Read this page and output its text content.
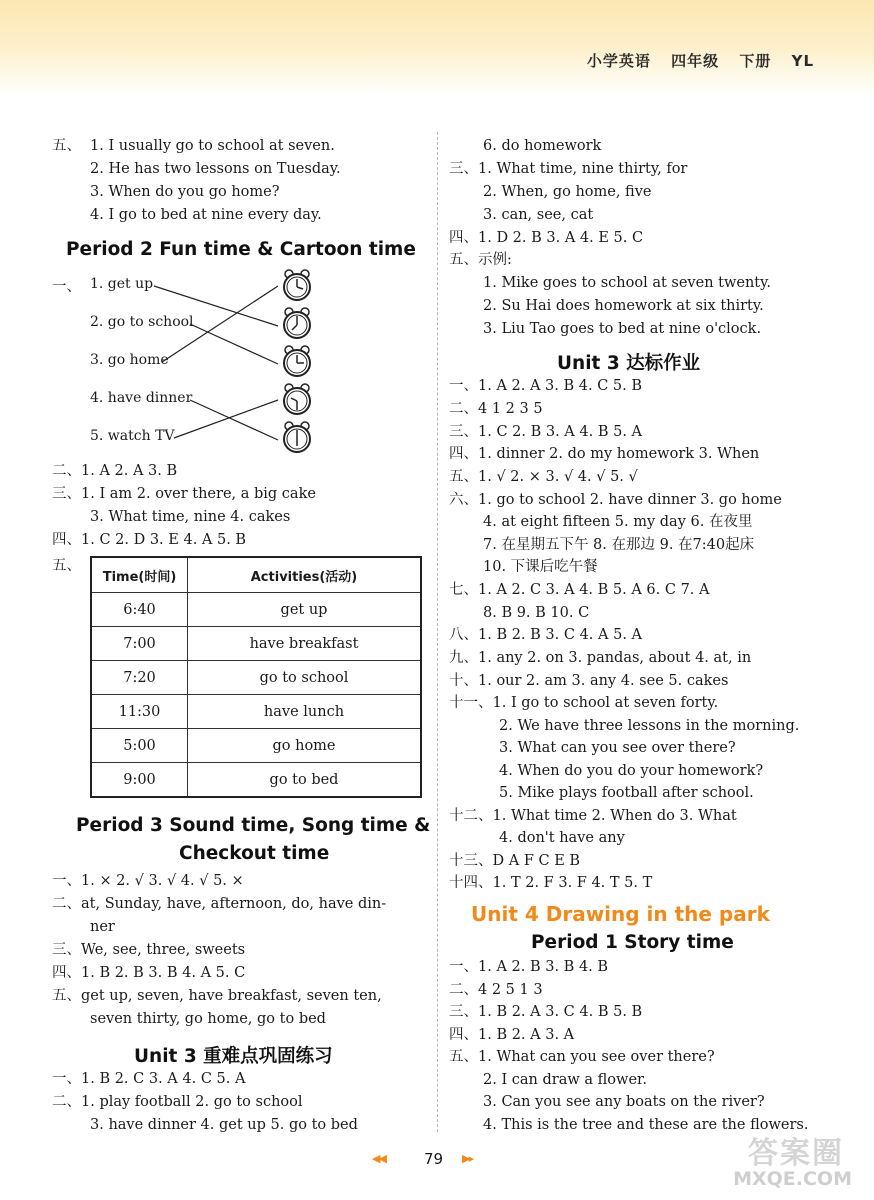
小学英语 四年级 下册 YL
五、 1. I usually go to school at seven.
2. He has two lessons on Tuesday.
3. When do you go home?
4. I go to bed at nine every day.
Period 2 Fun time & Cartoon time
一、 1. get up
2. go to school
3. go home
4. have dinner
5. watch TV
二、1. A 2. A 3. B
三、1. I am 2. over there, a big cake
3. What time, nine 4. cakes
四、1. C 2. D 3. E 4. A 5. B
五、
Time(时间)	Activities(活动)
6:40	get up
7:00	have breakfast
7:20	go to school
11:30	have lunch
5:00	go home
9:00	go to bed
Period 3 Sound time, Song time &
Checkout time
一、1. × 2. √ 3. √ 4. √ 5. ×
二、at, Sunday, have, afternoon, do, have din-
ner
三、We, see, three, sweets
四、1. B 2. B 3. B 4. A 5. C
五、get up, seven, have breakfast, seven ten,
seven thirty, go home, go to bed
Unit 3 重难点巩固练习
一、1. B 2. C 3. A 4. C 5. A
二、1. play football 2. go to school
3. have dinner 4. get up 5. go to bed
6. do homework
三、1. What time, nine thirty, for
2. When, go home, five
3. can, see, cat
四、1. D 2. B 3. A 4. E 5. C
五、示例:
1. Mike goes to school at seven twenty.
2. Su Hai does homework at six thirty.
3. Liu Tao goes to bed at nine o'clock.
Unit 3 达标作业
一、1. A 2. A 3. B 4. C 5. B
二、4 1 2 3 5
三、1. C 2. B 3. A 4. B 5. A
四、1. dinner 2. do my homework 3. When
五、1. √ 2. × 3. √ 4. √ 5. √
六、1. go to school 2. have dinner 3. go home
4. at eight fifteen 5. my day 6. 在夜里
7. 在星期五下午 8. 在那边 9. 在7:40起床
10. 下课后吃午餐
七、1. A 2. C 3. A 4. B 5. A 6. C 7. A
8. B 9. B 10. C
八、1. B 2. B 3. C 4. A 5. A
九、1. any 2. on 3. pandas, about 4. at, in
十、1. our 2. am 3. any 4. see 5. cakes
十一、1. I go to school at seven forty.
2. We have three lessons in the morning.
3. What can you see over there?
4. When do you do your homework?
5. Mike plays football after school.
十二、1. What time 2. When do 3. What
4. don't have any
十三、D A F C E B
十四、1. T 2. F 3. F 4. T 5. T
Unit 4 Drawing in the park
Period 1 Story time
一、1. A 2. B 3. B 4. B
二、4 2 5 1 3
三、1. B 2. A 3. C 4. B 5. B
四、1. B 2. A 3. A
五、1. What can you see over there?
2. I can draw a flower.
3. Can you see any boats on the river?
4. This is the tree and these are the flowers.
◀◀	79 ▶▸	答案圈
MXQE.COM
